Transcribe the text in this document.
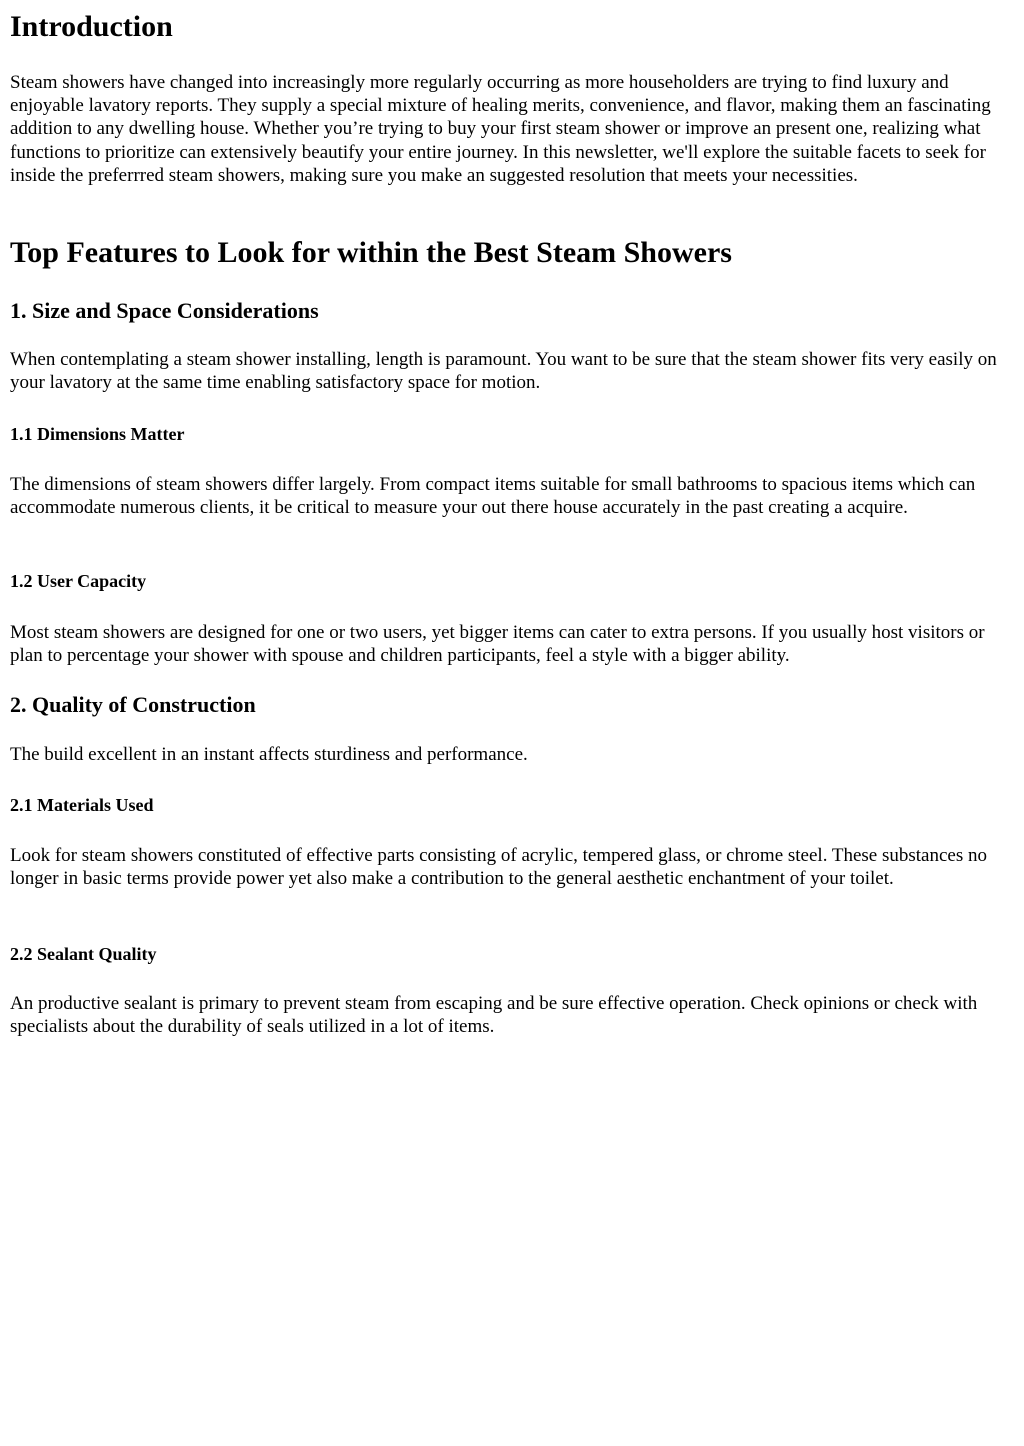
Introduction

Steam showers have changed into increasingly more regularly occurring as more householders are trying to find luxury and enjoyable lavatory reports. They supply a special mixture of healing merits, convenience, and flavor, making them an fascinating addition to any dwelling house. Whether you’re trying to buy your first steam shower or improve an present one, realizing what functions to prioritize can extensively beautify your entire journey. In this newsletter, we'll explore the suitable facets to seek for inside the preferrred steam showers, making sure you make an suggested resolution that meets your necessities.

Top Features to Look for within the Best Steam Showers
1. Size and Space Considerations

When contemplating a steam shower installing, length is paramount. You want to be sure that the steam shower fits very easily on your lavatory at the same time enabling satisfactory space for motion.

1.1 Dimensions Matter

The dimensions of steam showers differ largely. From compact items suitable for small bathrooms to spacious items which can accommodate numerous clients, it be critical to measure your out there house accurately in the past creating a acquire.

1.2 User Capacity

Most steam showers are designed for one or two users, yet bigger items can cater to extra persons. If you usually host visitors or plan to percentage your shower with spouse and children participants, feel a style with a bigger ability.

2. Quality of Construction

The build excellent in an instant affects sturdiness and performance.

2.1 Materials Used

Look for steam showers constituted of effective parts consisting of acrylic, tempered glass, or chrome steel. These substances no longer in basic terms provide power yet also make a contribution to the general aesthetic enchantment of your toilet.

2.2 Sealant Quality

An productive sealant is primary to prevent steam from escaping and be sure effective operation. Check opinions or check with specialists about the durability of seals utilized in a lot of items.
